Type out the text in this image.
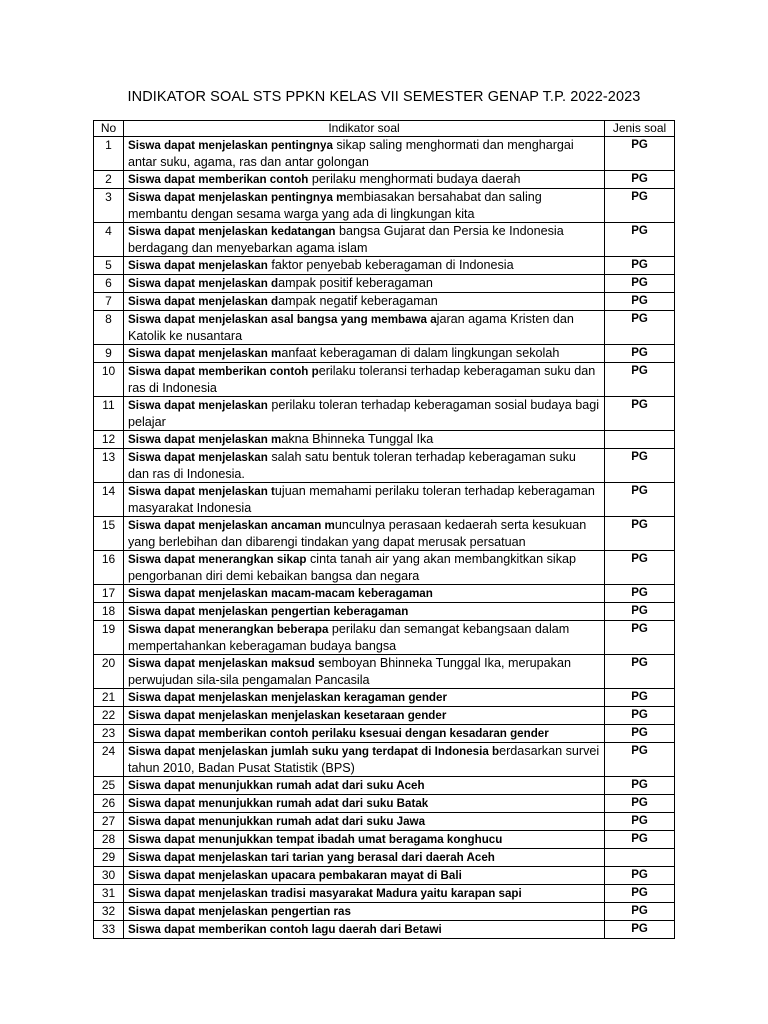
INDIKATOR SOAL STS PPKN KELAS VII SEMESTER GENAP T.P. 2022-2023
No	Indikator soal	Jenis soal
1	Siswa dapat menjelaskan pentingnya sikap saling menghormati dan menghargai antar suku, agama, ras dan antar golongan	PG
2	Siswa dapat memberikan contoh perilaku menghormati budaya daerah	PG
3	Siswa dapat menjelaskan pentingnya membiasakan bersahabat dan saling membantu dengan sesama warga yang ada di lingkungan kita	PG
4	Siswa dapat menjelaskan kedatangan bangsa Gujarat dan Persia ke Indonesia berdagang dan menyebarkan agama islam	PG
5	Siswa dapat menjelaskan faktor penyebab keberagaman di Indonesia	PG
6	Siswa dapat menjelaskan dampak positif keberagaman	PG
7	Siswa dapat menjelaskan dampak negatif keberagaman	PG
8	Siswa dapat menjelaskan asal bangsa yang membawa ajaran agama Kristen dan Katolik ke nusantara	PG
9	Siswa dapat menjelaskan manfaat keberagaman di dalam lingkungan sekolah	PG
10	Siswa dapat memberikan contoh perilaku toleransi terhadap keberagaman suku dan ras di Indonesia	PG
11	Siswa dapat menjelaskan perilaku toleran terhadap keberagaman sosial budaya bagi pelajar	PG
12	Siswa dapat menjelaskan makna Bhinneka Tunggal Ika	
13	Siswa dapat menjelaskan salah satu bentuk toleran terhadap keberagaman suku dan ras di Indonesia.	PG
14	Siswa dapat menjelaskan tujuan memahami perilaku toleran terhadap keberagaman masyarakat Indonesia	PG
15	Siswa dapat menjelaskan ancaman munculnya perasaan kedaerah serta kesukuan yang berlebihan dan dibarengi tindakan yang dapat merusak persatuan	PG
16	Siswa dapat menerangkan sikap cinta tanah air yang akan membangkitkan sikap pengorbanan diri demi kebaikan bangsa dan negara	PG
17	Siswa dapat menjelaskan macam-macam keberagaman	PG
18	Siswa dapat menjelaskan pengertian keberagaman	PG
19	Siswa dapat menerangkan beberapa perilaku dan semangat kebangsaan dalam mempertahankan keberagaman budaya bangsa	PG
20	Siswa dapat menjelaskan maksud semboyan Bhinneka Tunggal Ika, merupakan perwujudan sila-sila pengamalan Pancasila	PG
21	Siswa dapat menjelaskan menjelaskan keragaman gender	PG
22	Siswa dapat menjelaskan menjelaskan kesetaraan gender	PG
23	Siswa dapat memberikan contoh perilaku ksesuai dengan kesadaran gender	PG
24	Siswa dapat menjelaskan jumlah suku yang terdapat di Indonesia berdasarkan survei tahun 2010, Badan Pusat Statistik (BPS)	PG
25	Siswa dapat menunjukkan rumah adat dari suku Aceh	PG
26	Siswa dapat menunjukkan rumah adat dari suku Batak	PG
27	Siswa dapat menunjukkan rumah adat dari suku Jawa	PG
28	Siswa dapat menunjukkan tempat ibadah umat beragama konghucu	PG
29	Siswa dapat menjelaskan tari tarian yang berasal dari daerah Aceh	
30	Siswa dapat menjelaskan upacara pembakaran mayat di Bali	PG
31	Siswa dapat menjelaskan tradisi masyarakat Madura yaitu karapan sapi	PG
32	Siswa dapat menjelaskan pengertian ras	PG
33	Siswa dapat memberikan contoh lagu daerah dari Betawi	PG
